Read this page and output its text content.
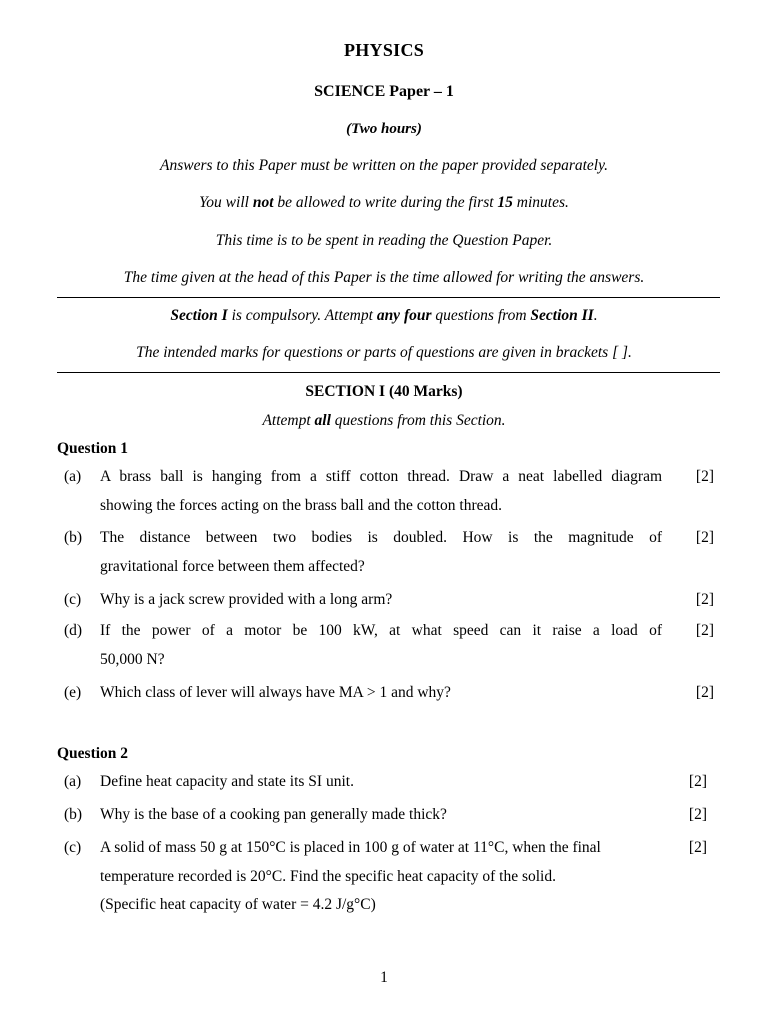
PHYSICS
SCIENCE Paper – 1
(Two hours)
Answers to this Paper must be written on the paper provided separately.
You will not be allowed to write during the first 15 minutes.
This time is to be spent in reading the Question Paper.
The time given at the head of this Paper is the time allowed for writing the answers.
Section I is compulsory. Attempt any four questions from Section II.
The intended marks for questions or parts of questions are given in brackets [ ].
SECTION I (40 Marks)
Attempt all questions from this Section.
Question 1
(a) A brass ball is hanging from a stiff cotton thread. Draw a neat labelled diagram
showing the forces acting on the brass ball and the cotton thread.
[2]
(b) The distance between two bodies is doubled. How is the magnitude of
gravitational force between them affected?
[2]
(c) Why is a jack screw provided with a long arm?	[2]
(d) If the power of a motor be 100 kW, at what speed can it raise a load of
50,000 N?
[2]
(e) Which class of lever will always have MA > 1 and why?	[2]
Question 2
(a) Define heat capacity and state its SI unit.	[2]
(b) Why is the base of a cooking pan generally made thick?	[2]
(c) A solid of mass 50 g at 150°C is placed in 100 g of water at 11°C, when the final
temperature recorded is 20°C. Find the specific heat capacity of the solid.
(Specific heat capacity of water = 4.2 J/g°C)
[2]
1
